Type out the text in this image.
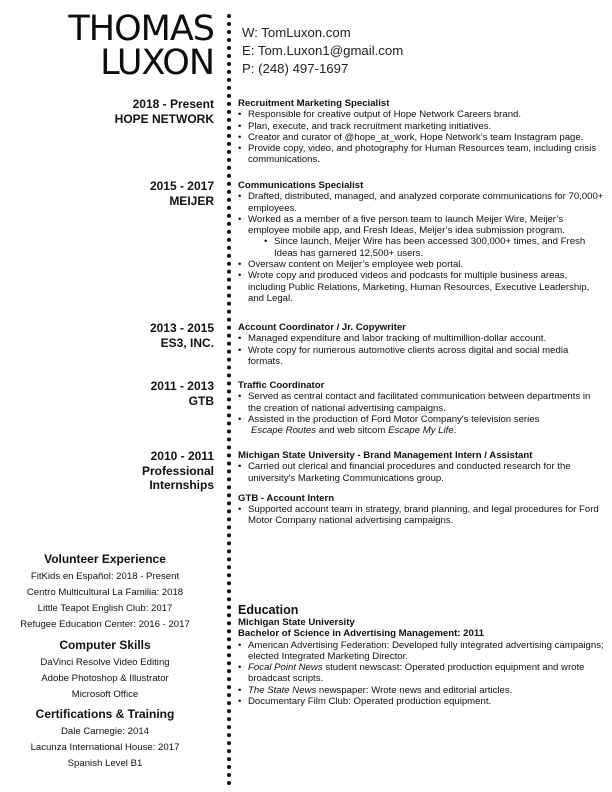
THOMAS
LUXON
W: TomLuxon.com
E: Tom.Luxon1@gmail.com
P: (248) 497-1697
2018 - Present
HOPE NETWORK
Recruitment Marketing Specialist
• Responsible for creative output of Hope Network Careers brand.
• Plan, execute, and track recruitment marketing initiatives.
• Creator and curator of @hope_at_work, Hope Network’s team Instagram page.
• Provide copy, video, and photography for Human Resources team, including crisis communications.
2015 - 2017
MEIJER
Communications Specialist
• Drafted, distributed, managed, and analyzed corporate communications for 70,000+ employees.
• Worked as a member of a five person team to launch Meijer Wire, Meijer’s employee mobile app, and Fresh Ideas, Meijer’s idea submission program.
• Since launch, Meijer Wire has been accessed 300,000+ times, and Fresh Ideas has garnered 12,500+ users.
• Oversaw content on Meijer’s employee web portal.
• Wrote copy and produced videos and podcasts for multiple business areas, including Public Relations, Marketing, Human Resources, Executive Leadership, and Legal.
2013 - 2015
ES3, INC.
Account Coordinator / Jr. Copywriter
• Managed expenditure and labor tracking of multimillion-dollar account.
• Wrote copy for numerous automotive clients across digital and social media formats.
2011 - 2013
GTB
Traffic Coordinator
• Served as central contact and facilitated communication between departments in the creation of national advertising campaigns.
• Assisted in the production of Ford Motor Company's television series
Escape Routes and web sitcom Escape My Life.
2010 - 2011
Professional
Internships
Michigan State University - Brand Management Intern / Assistant
• Carried out clerical and financial procedures and conducted research for the university's Marketing Communications group.
GTB - Account Intern
• Supported account team in strategy, brand planning, and legal procedures for Ford Motor Company national advertising campaigns.
Volunteer Experience
FitKids en Español: 2018 - Present
Centro Multicultural La Familia: 2018
Little Teapot English Club: 2017
Refugee Education Center: 2016 - 2017
Computer Skills
DaVinci Resolve Video Editing
Adobe Photoshop & Illustrator
Microsoft Office
Certifications & Training
Dale Carnegie: 2014
Lacunza International House: 2017
Spanish Level B1
Education
Michigan State University
Bachelor of Science in Advertising Management: 2011
• American Advertising Federation: Developed fully integrated advertising campaigns; elected Integrated Marketing Director.
• Focal Point News student newscast: Operated production equipment and wrote broadcast scripts.
• The State News newspaper: Wrote news and editorial articles.
• Documentary Film Club: Operated production equipment.
